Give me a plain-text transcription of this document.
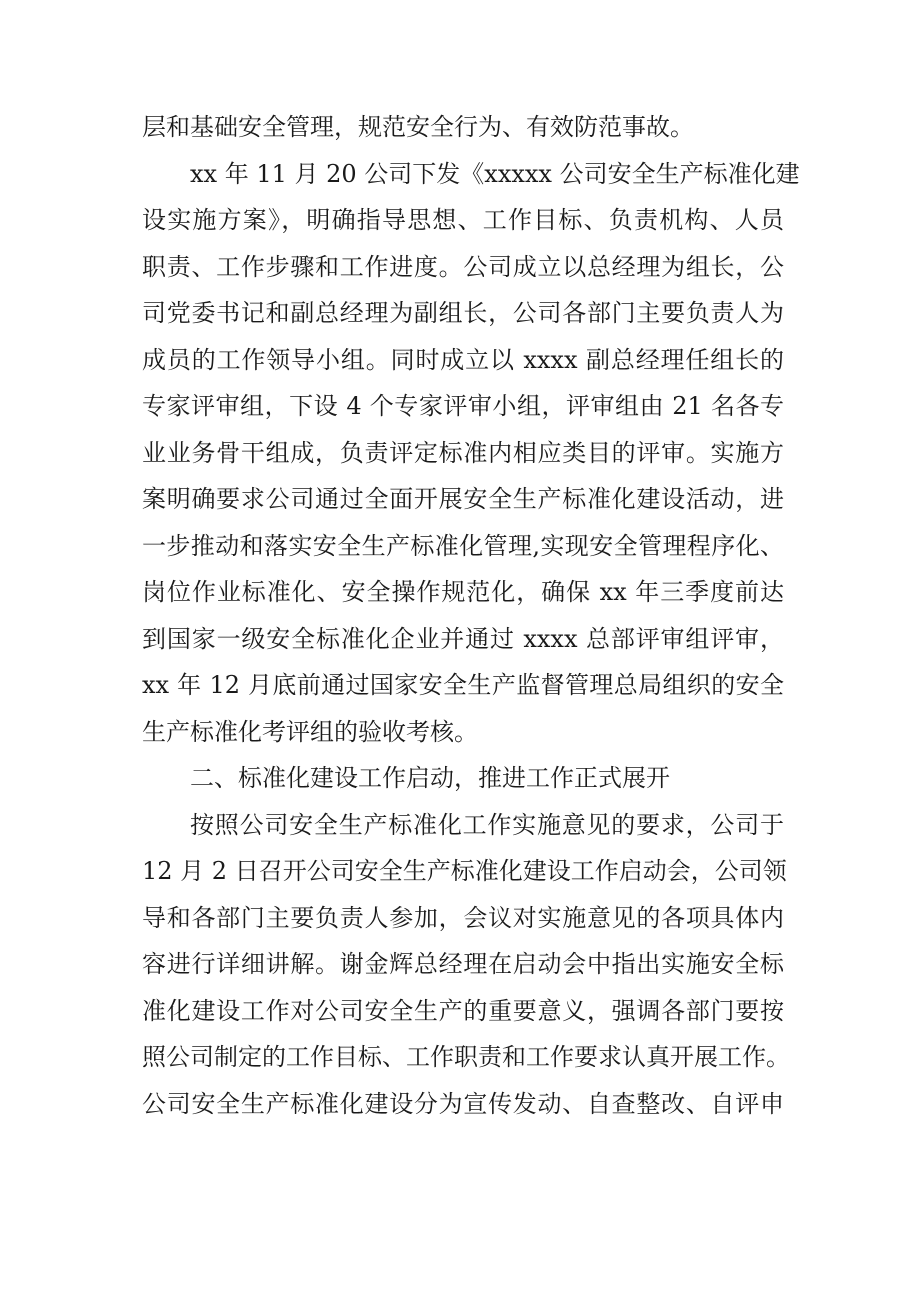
层和基础安全管理，规范安全行为、有效防范事故。
xx 年 11 月 20 公司下发《xxxxx 公司安全生产标准化建
设实施方案》，明确指导思想、工作目标、负责机构、人员
职责、工作步骤和工作进度。公司成立以总经理为组长，公
司党委书记和副总经理为副组长，公司各部门主要负责人为
成员的工作领导小组。同时成立以 xxxx 副总经理任组长的
专家评审组，下设 4 个专家评审小组，评审组由 21 名各专
业业务骨干组成，负责评定标准内相应类目的评审。实施方
案明确要求公司通过全面开展安全生产标准化建设活动，进
一步推动和落实安全生产标准化管理,实现安全管理程序化、
岗位作业标准化、安全操作规范化，确保 xx 年三季度前达
到国家一级安全标准化企业并通过 xxxx 总部评审组评审，
xx 年 12 月底前通过国家安全生产监督管理总局组织的安全
生产标准化考评组的验收考核。
二、标准化建设工作启动，推进工作正式展开
按照公司安全生产标准化工作实施意见的要求，公司于
12 月 2 日召开公司安全生产标准化建设工作启动会，公司领
导和各部门主要负责人参加，会议对实施意见的各项具体内
容进行详细讲解。谢金辉总经理在启动会中指出实施安全标
准化建设工作对公司安全生产的重要意义，强调各部门要按
照公司制定的工作目标、工作职责和工作要求认真开展工作。
公司安全生产标准化建设分为宣传发动、自查整改、自评申
